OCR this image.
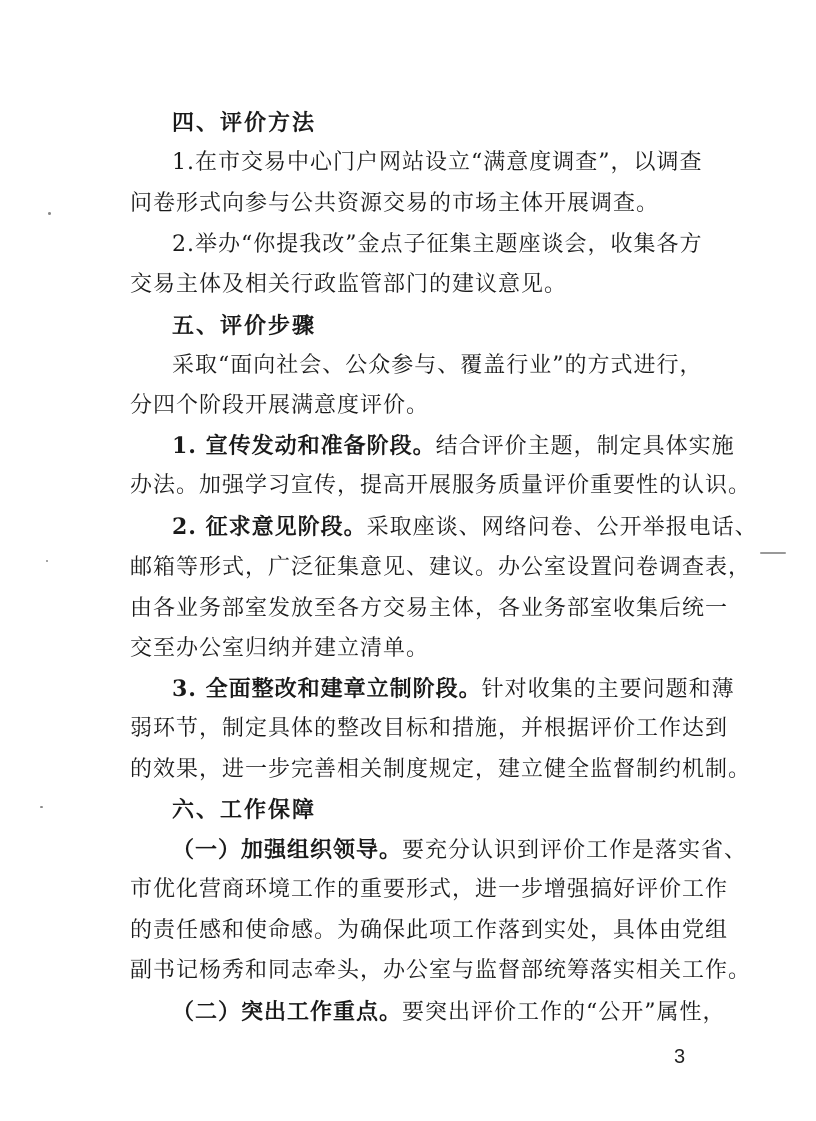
四、评价方法
1.在市交易中心门户网站设立“满意度调查”，以调查
问卷形式向参与公共资源交易的市场主体开展调查。
2.举办“你提我改”金点子征集主题座谈会，收集各方
交易主体及相关行政监管部门的建议意见。
五、评价步骤
采取“面向社会、公众参与、覆盖行业”的方式进行，
分四个阶段开展满意度评价。
1. 宣传发动和准备阶段。结合评价主题，制定具体实施
办法。加强学习宣传，提高开展服务质量评价重要性的认识。
2. 征求意见阶段。采取座谈、网络问卷、公开举报电话、
邮箱等形式，广泛征集意见、建议。办公室设置问卷调查表，
由各业务部室发放至各方交易主体，各业务部室收集后统一
交至办公室归纳并建立清单。
3. 全面整改和建章立制阶段。针对收集的主要问题和薄
弱环节，制定具体的整改目标和措施，并根据评价工作达到
的效果，进一步完善相关制度规定，建立健全监督制约机制。
六、工作保障
（一）加强组织领导。要充分认识到评价工作是落实省、
市优化营商环境工作的重要形式，进一步增强搞好评价工作
的责任感和使命感。为确保此项工作落到实处，具体由党组
副书记杨秀和同志牵头，办公室与监督部统筹落实相关工作。
（二）突出工作重点。要突出评价工作的“公开”属性，
3
